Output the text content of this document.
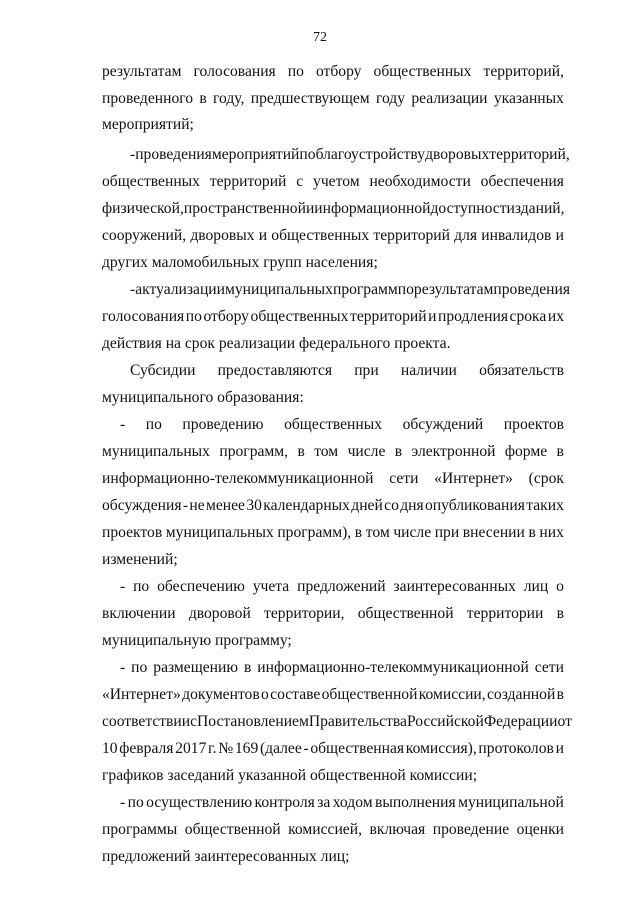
72
результатам голосования по отбору общественных территорий,
проведенного в году, предшествующем году реализации указанных
мероприятий;
- проведения мероприятий по благоустройству дворовых территорий,
общественных территорий с учетом необходимости обеспечения
физической, пространственной и информационной доступности зданий,
сооружений, дворовых и общественных территорий для инвалидов и
других маломобильных групп населения;
- актуализации муниципальных программ по результатам проведения
голосования по отбору общественных территорий и продления срока их
действия на срок реализации федерального проекта.
Субсидии предоставляются при наличии обязательств
муниципального образования:
- по проведению общественных обсуждений проектов
муниципальных программ, в том числе в электронной форме в
информационно-телекоммуникационной сети «Интернет» (срок
обсуждения - не менее 30 календарных дней со дня опубликования таких
проектов муниципальных программ), в том числе при внесении в них
изменений;
- по обеспечению учета предложений заинтересованных лиц о
включении дворовой территории, общественной территории в
муниципальную программу;
- по размещению в информационно-телекоммуникационной сети
«Интернет» документов о составе общественной комиссии, созданной в
соответствии с Постановлением Правительства Российской Федерации от
10 февраля 2017 г. № 169 (далее - общественная комиссия), протоколов и
графиков заседаний указанной общественной комиссии;
- по осуществлению контроля за ходом выполнения муниципальной
программы общественной комиссией, включая проведение оценки
предложений заинтересованных лиц;
